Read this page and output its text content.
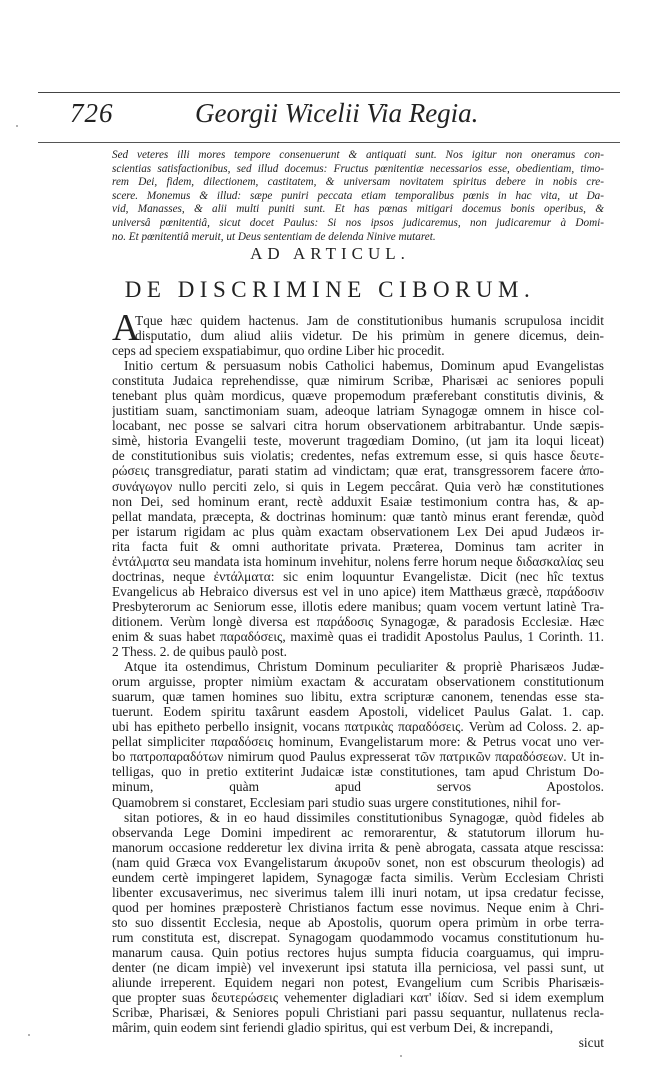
726	Georgii Wicelii Via Regia.
Sed veteres illi mores tempore consenuerunt & antiquati sunt. Nos igitur non oneramus con-
scientias satisfactionibus, sed illud docemus: Fructus pœnitentiæ necessarios esse, obedientiam, timo-
rem Dei, fidem, dilectionem, castitatem, & universam novitatem spiritus debere in nobis cre-
scere. Monemus & illud: sæpe puniri peccata etiam temporalibus pœnis in hac vita, ut Da-
vid, Manasses, & alii multi puniti sunt. Et has pœnas mitigari docemus bonis operibus, &
universâ pœnitentiâ, sicut docet Paulus: Si nos ipsos judicaremus, non judicaremur à Domi-
no. Et pœnitentiâ meruit, ut Deus sententiam de delenda Ninive mutaret.
AD ARTICUL.
DE DISCRIMINE CIBORUM.
A
Tque hæc quidem hactenus. Jam de constitutionibus humanis scrupulosa incidit
disputatio, dum aliud aliis videtur. De his primùm in genere dicemus, dein-
ceps ad speciem exspatiabimur, quo ordine Liber hic procedit.
Initio certum & persuasum nobis Catholici habemus, Dominum apud Evangelistas
constituta Judaica reprehendisse, quæ nimirum Scribæ, Pharisæi ac seniores populi
tenebant plus quàm mordicus, quæve propemodum præferebant constitutis divinis, &
justitiam suam, sanctimoniam suam, adeoque latriam Synagogæ omnem in hisce col-
locabant, nec posse se salvari citra horum observationem arbitrabantur. Unde sæpis-
simè, historia Evangelii teste, moverunt tragœdiam Domino, (ut jam ita loqui liceat)
de constitutionibus suis violatis; credentes, nefas extremum esse, si quis hasce δευτε-
ρώσεις transgrediatur, parati statim ad vindictam; quæ erat, transgressorem facere ἀπο-
συνάγωγον nullo perciti zelo, si quis in Legem peccârat. Quia verò hæ constitutiones
non Dei, sed hominum erant, rectè adduxit Esaiæ testimonium contra has, & ap-
pellat mandata, præcepta, & doctrinas hominum: quæ tantò minus erant ferendæ, quòd
per istarum rigidam ac plus quàm exactam observationem Lex Dei apud Judæos ir-
rita facta fuit & omni authoritate privata. Præterea, Dominus tam acriter in
ἐντάλματα seu mandata ista hominum invehitur, nolens ferre horum neque διδασκαλίας seu
doctrinas, neque ἐντάλματα: sic enim loquuntur Evangelistæ. Dicit (nec hîc textus
Evangelicus ab Hebraico diversus est vel in uno apice) item Matthæus græcè, παράδοσιν
Presbyterorum ac Seniorum esse, illotis edere manibus; quam vocem vertunt latinè Tra-
ditionem. Verùm longè diversa est παράδοσις Synagogæ, & paradosis Ecclesiæ. Hæc
enim & suas habet παραδόσεις, maximè quas ei tradidit Apostolus Paulus, 1 Corinth. 11.
2 Thess. 2. de quibus paulò post.
Atque ita ostendimus, Christum Dominum peculiariter & propriè Pharisæos Judæ-
orum arguisse, propter nimiùm exactam & accuratam observationem constitutionum
suarum, quæ tamen homines suo libitu, extra scripturæ canonem, tenendas esse sta-
tuerunt. Eodem spiritu taxârunt easdem Apostoli, videlicet Paulus Galat. 1. cap.
ubi has epitheto perbello insignit, vocans πατρικὰς παραδόσεις. Verùm ad Coloss. 2. ap-
pellat simpliciter παραδόσεις hominum, Evangelistarum more: & Petrus vocat uno ver-
bo πατροπαραδότων nimirum quod Paulus expresserat τῶν πατρικῶν παραδόσεων. Ut in-
telligas, quo in pretio extiterint Judaicæ istæ constitutiones, tam apud Christum Do-
minum, quàm apud servos Apostolos.
Quamobrem si constaret, Ecclesiam pari studio suas urgere constitutiones, nihil for-
sitan potiores, & in eo haud dissimiles constitutionibus Synagogæ, quòd fideles ab
observanda Lege Domini impedirent ac remorarentur, & statutorum illorum hu-
manorum occasione redderetur lex divina irrita & penè abrogata, cassata atque rescissa:
(nam quid Græca vox Evangelistarum ἀκυροῦν sonet, non est obscurum theologis) ad
eundem certè impingeret lapidem, Synagogæ facta similis. Verùm Ecclesiam Christi
libenter excusaverimus, nec siverimus talem illi inuri notam, ut ipsa credatur fecisse,
quod per homines præposterè Christianos factum esse novimus. Neque enim à Chri-
sto suo dissentit Ecclesia, neque ab Apostolis, quorum opera primùm in orbe terra-
rum constituta est, discrepat. Synagogam quodammodo vocamus constitutionum hu-
manarum causa. Quin potius rectores hujus sumpta fiducia coarguamus, qui impru-
denter (ne dicam impiè) vel invexerunt ipsi statuta illa perniciosa, vel passi sunt, ut
aliunde irreperent. Equidem negari non potest, Evangelium cum Scribis Pharisæis-
que propter suas δευτερώσεις vehementer digladiari κατ' ἰδίαν. Sed si idem exemplum
Scribæ, Pharisæi, & Seniores populi Christiani pari passu sequantur, nullatenus recla-
mârim, quin eodem sint feriendi gladio spiritus, qui est verbum Dei, & increpandi,
sicut
